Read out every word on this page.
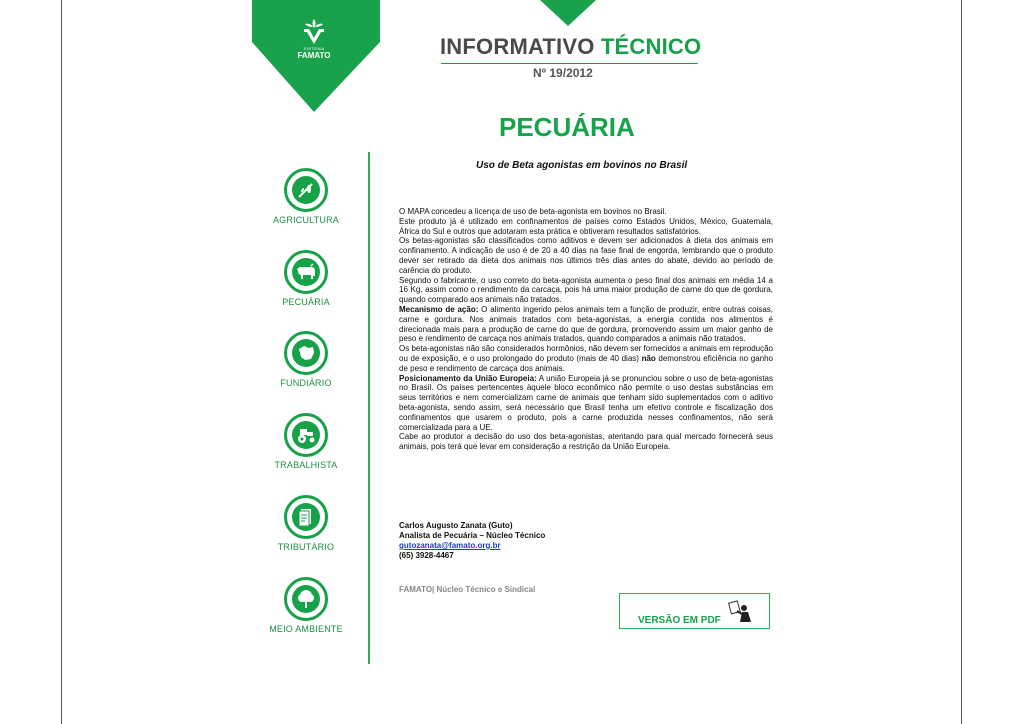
SISTEMA
FAMATO	INFORMATIVO TÉCNICO
Nº 19/2012
PECUÁRIA
Uso de Beta agonistas em bovinos no Brasil
AGRICULTURA
PECUÁRIA
FUNDIÁRIO
TRABALHISTA
TRIBUTÁRIO
MEIO AMBIENTE

O MAPA concedeu a licença de uso de beta-agonista em bovinos no Brasil.

Este produto já é utilizado em confinamentos de países como Estados Unidos, México, Guatemala, África do Sul e outros que adotaram esta prática e obtiveram resultados satisfatórios.

Os betas-agonistas são classificados como aditivos e devem ser adicionados à dieta dos animais em confinamento. A indicação de uso é de 20 a 40 dias na fase final de engorda, lembrando que o produto dever ser retirado da dieta dos animais nos últimos três dias antes do abate, devido ao período de carência do produto.

Segundo o fabricante, o uso correto do beta-agonista aumenta o peso final dos animais em média 14 a 16 Kg, assim como o rendimento da carcaça, pois há uma maior produção de carne do que de gordura, quando comparado aos animais não tratados.

Mecanismo de ação: O alimento ingerido pelos animais tem a função de produzir, entre outras coisas, carne e gordura. Nos animais tratados com beta-agonistas, a energia contida nos alimentos é direcionada mais para a produção de carne do que de gordura, promovendo assim um maior ganho de peso e rendimento de carcaça nos animais tratados, quando comparados a animais não tratados.

Os beta-agonistas não são considerados hormônios, não devem ser fornecidos a animais em reprodução ou de exposição, e o uso prolongado do produto (mais de 40 dias) não demonstrou eficiência no ganho de peso e rendimento de carcaça dos animais.

Posicionamento da União Europeia: A união Europeia já se pronunciou sobre o uso de beta-agonistas no Brasil. Os países pertencentes àquele bloco econômico não permite o uso destas substâncias em seus territórios e nem comercializam carne de animais que tenham sido suplementados com o aditivo beta-agonista, sendo assim, será necessário que Brasil tenha um efetivo controle e fiscalização dos confinamentos que usarem o produto, pois a carne produzida nesses confinamentos, não será comercializada para a UE.

Cabe ao produtor a decisão do uso dos beta-agonistas, atentando para qual mercado fornecerá seus animais, pois terá que levar em consideração a restrição da União Europeia.

Carlos Augusto Zanata (Guto)
Analista de Pecuária – Núcleo Técnico
gutozanata@famato.org.br
(65) 3928-4467
FAMATO| Núcleo Técnico e Sindical
VERSÃO EM PDF
